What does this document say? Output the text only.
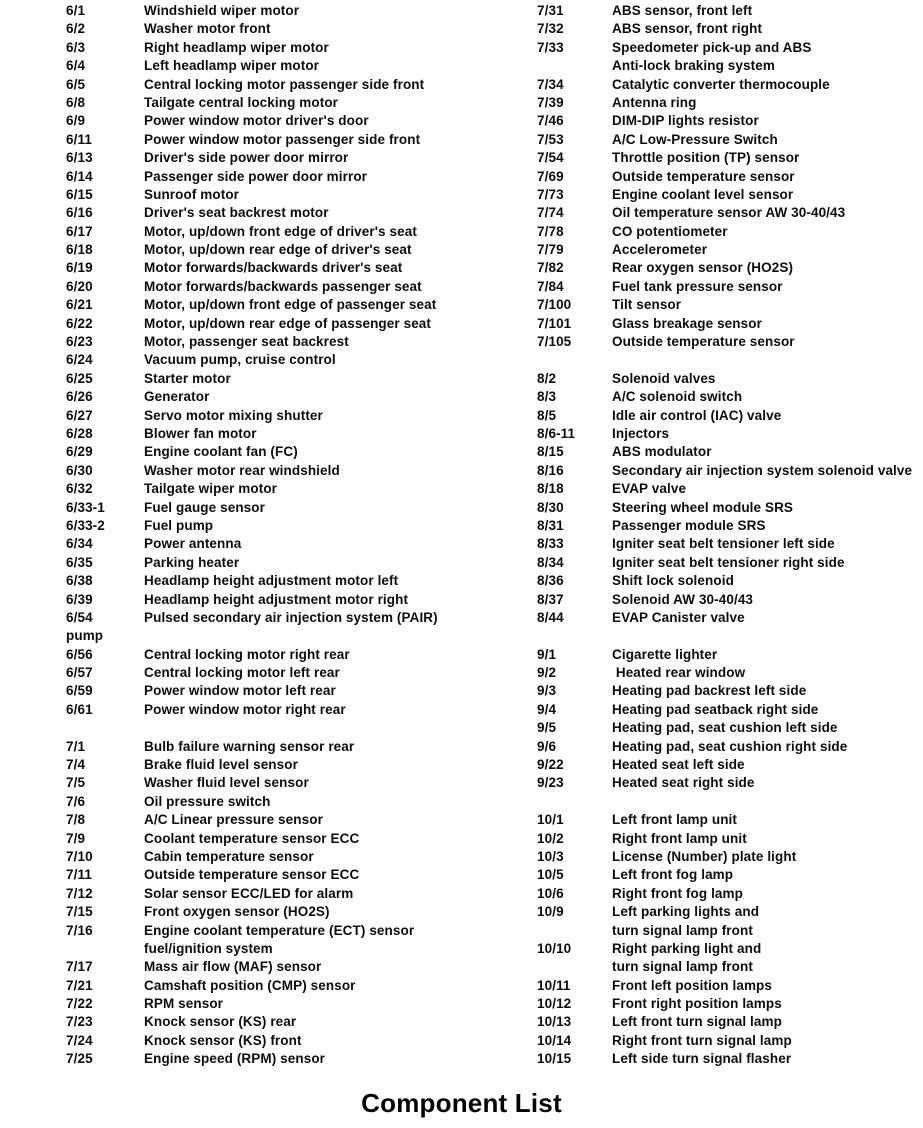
6/1	Windshield wiper motor
6/2	Washer motor front
6/3	Right headlamp wiper motor
6/4	Left headlamp wiper motor
6/5	Central locking motor passenger side front
6/8	Tailgate central locking motor
6/9	Power window motor driver's door
6/11	Power window motor passenger side front
6/13	Driver's side power door mirror
6/14	Passenger side power door mirror
6/15	Sunroof motor
6/16	Driver's seat backrest motor
6/17	Motor, up/down front edge of driver's seat
6/18	Motor, up/down rear edge of driver's seat
6/19	Motor forwards/backwards driver's seat
6/20	Motor forwards/backwards passenger seat
6/21	Motor, up/down front edge of passenger seat
6/22	Motor, up/down rear edge of passenger seat
6/23	Motor, passenger seat backrest
6/24	Vacuum pump, cruise control
6/25	Starter motor
6/26	Generator
6/27	Servo motor mixing shutter
6/28	Blower fan motor
6/29	Engine coolant fan (FC)
6/30	Washer motor rear windshield
6/32	Tailgate wiper motor
6/33-1	Fuel gauge sensor
6/33-2	Fuel pump
6/34	Power antenna
6/35	Parking heater
6/38	Headlamp height adjustment motor left
6/39	Headlamp height adjustment motor right
6/54	Pulsed secondary air injection system (PAIR)
pump
6/56	Central locking motor right rear
6/57	Central locking motor left rear
6/59	Power window motor left rear
6/61	Power window motor right rear
7/1	Bulb failure warning sensor rear
7/4	Brake fluid level sensor
7/5	Washer fluid level sensor
7/6	Oil pressure switch
7/8	A/C Linear pressure sensor
7/9	Coolant temperature sensor ECC
7/10	Cabin temperature sensor
7/11	Outside temperature sensor ECC
7/12	Solar sensor ECC/LED for alarm
7/15	Front oxygen sensor (HO2S)
7/16	Engine coolant temperature (ECT) sensor
fuel/ignition system
7/17	Mass air flow (MAF) sensor
7/21	Camshaft position (CMP) sensor
7/22	RPM sensor
7/23	Knock sensor (KS) rear
7/24	Knock sensor (KS) front
7/25	Engine speed (RPM) sensor
7/31	ABS sensor, front left
7/32	ABS sensor, front right
7/33	Speedometer pick-up and ABS
Anti-lock braking system
7/34	Catalytic converter thermocouple
7/39	Antenna ring
7/46	DIM-DIP lights resistor
7/53	A/C Low-Pressure Switch
7/54	Throttle position (TP) sensor
7/69	Outside temperature sensor
7/73	Engine coolant level sensor
7/74	Oil temperature sensor AW 30-40/43
7/78	CO potentiometer
7/79	Accelerometer
7/82	Rear oxygen sensor (HO2S)
7/84	Fuel tank pressure sensor
7/100	Tilt sensor
7/101	Glass breakage sensor
7/105	Outside temperature sensor
8/2	Solenoid valves
8/3	A/C solenoid switch
8/5	Idle air control (IAC) valve
8/6-11	Injectors
8/15	ABS modulator
8/16	Secondary air injection system solenoid valve
8/18	EVAP valve
8/30	Steering wheel module SRS
8/31	Passenger module SRS
8/33	Igniter seat belt tensioner left side
8/34	Igniter seat belt tensioner right side
8/36	Shift lock solenoid
8/37	Solenoid AW 30-40/43
8/44	EVAP Canister valve
9/1	Cigarette lighter
9/2	Heated rear window
9/3	Heating pad backrest left side
9/4	Heating pad seatback right side
9/5	Heating pad, seat cushion left side
9/6	Heating pad, seat cushion right side
9/22	Heated seat left side
9/23	Heated seat right side
10/1	Left front lamp unit
10/2	Right front lamp unit
10/3	License (Number) plate light
10/5	Left front fog lamp
10/6	Right front fog lamp
10/9	Left parking lights and
turn signal lamp front
10/10	Right parking light and
turn signal lamp front
10/11	Front left position lamps
10/12	Front right position lamps
10/13	Left front turn signal lamp
10/14	Right front turn signal lamp
10/15	Left side turn signal flasher
Component List
